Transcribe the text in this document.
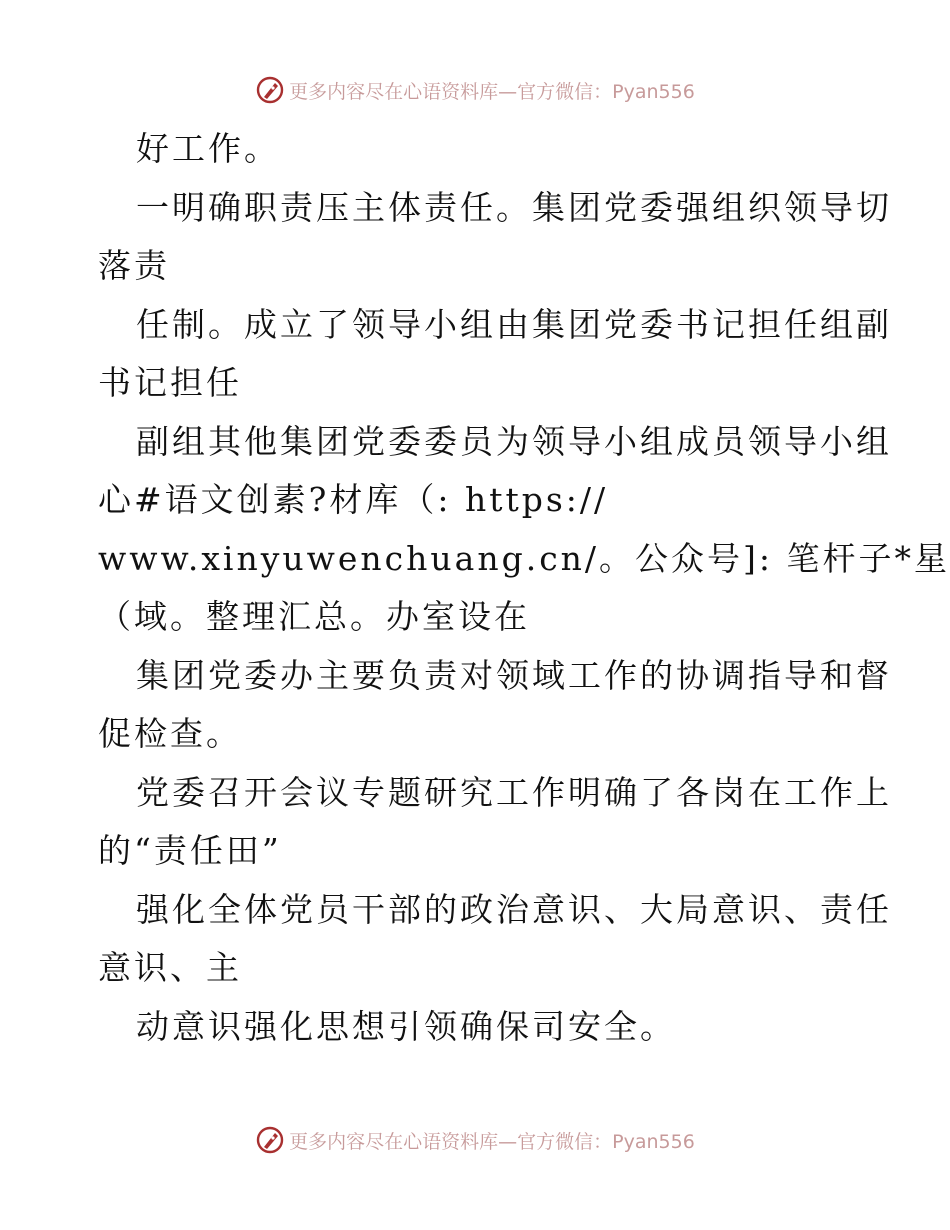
更多内容尽在心语资料库—官方微信：Pyan556
好工作。
一明确职责压主体责任。集团党委强组织领导切
落责
任制。成立了领导小组由集团党委书记担任组副
书记担任
副组其他集团党委委员为领导小组成员领导小组
心#语文创素?材库（: https://
www.xinyuwenchuang.cn/。公众号]: 笔杆子*星
（域。整理汇总。办室设在
集团党委办主要负责对领域工作的协调指导和督
促检查。
党委召开会议专题研究工作明确了各岗在工作上
的“责任田”
强化全体党员干部的政治意识、大局意识、责任
意识、主
动意识强化思想引领确保司安全。
更多内容尽在心语资料库—官方微信：Pyan556
